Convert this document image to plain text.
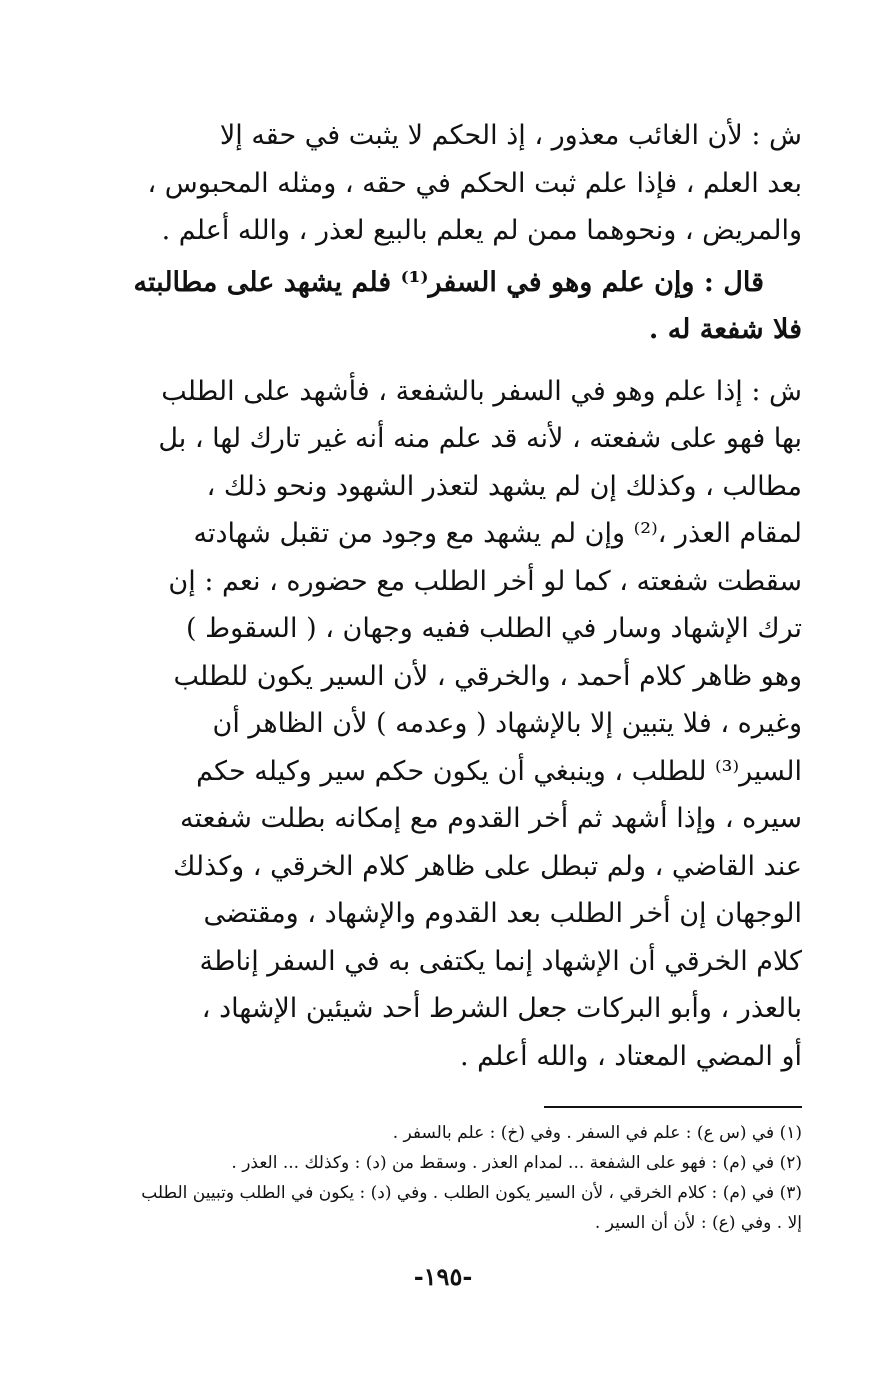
ش : لأن الغائب معذور ، إذ الحكم لا يثبت في حقه إلا
بعد العلم ، فإذا علم ثبت الحكم في حقه ، ومثله المحبوس ،
والمريض ، ونحوهما ممن لم يعلم بالبيع لعذر ، والله أعلم .

قال : وإن علم وهو في السفر⁽¹⁾ فلم يشهد على مطالبته
فلا شفعة له .

ش : إذا علم وهو في السفر بالشفعة ، فأشهد على الطلب
بها فهو على شفعته ، لأنه قد علم منه أنه غير تارك لها ، بل
مطالب ، وكذلك إن لم يشهد لتعذر الشهود ونحو ذلك ،
لمقام العذر ،⁽²⁾ وإن لم يشهد مع وجود من تقبل شهادته
سقطت شفعته ، كما لو أخر الطلب مع حضوره ، نعم : إن
ترك الإشهاد وسار في الطلب ففيه وجهان ، ( السقوط )
وهو ظاهر كلام أحمد ، والخرقي ، لأن السير يكون للطلب
وغيره ، فلا يتبين إلا بالإشهاد ( وعدمه ) لأن الظاهر أن
السير⁽³⁾ للطلب ، وينبغي أن يكون حكم سير وكيله حكم
سيره ، وإذا أشهد ثم أخر القدوم مع إمكانه بطلت شفعته
عند القاضي ، ولم تبطل على ظاهر كلام الخرقي ، وكذلك
الوجهان إن أخر الطلب بعد القدوم والإشهاد ، ومقتضى
كلام الخرقي أن الإشهاد إنما يكتفى به في السفر إناطة
بالعذر ، وأبو البركات جعل الشرط أحد شيئين الإشهاد ،
أو المضي المعتاد ، والله أعلم .

(١) في (س ع) : علم في السفر . وفي (خ) : علم بالسفر .
(٢) في (م) : فهو على الشفعة ... لمدام العذر . وسقط من (د) : وكذلك ... العذر .
(٣) في (م) : كلام الخرقي ، لأن السير يكون الطلب . وفي (د) : يكون في الطلب وتبيين الطلب
إلا . وفي (ع) : لأن أن السير .
-١٩٥-
